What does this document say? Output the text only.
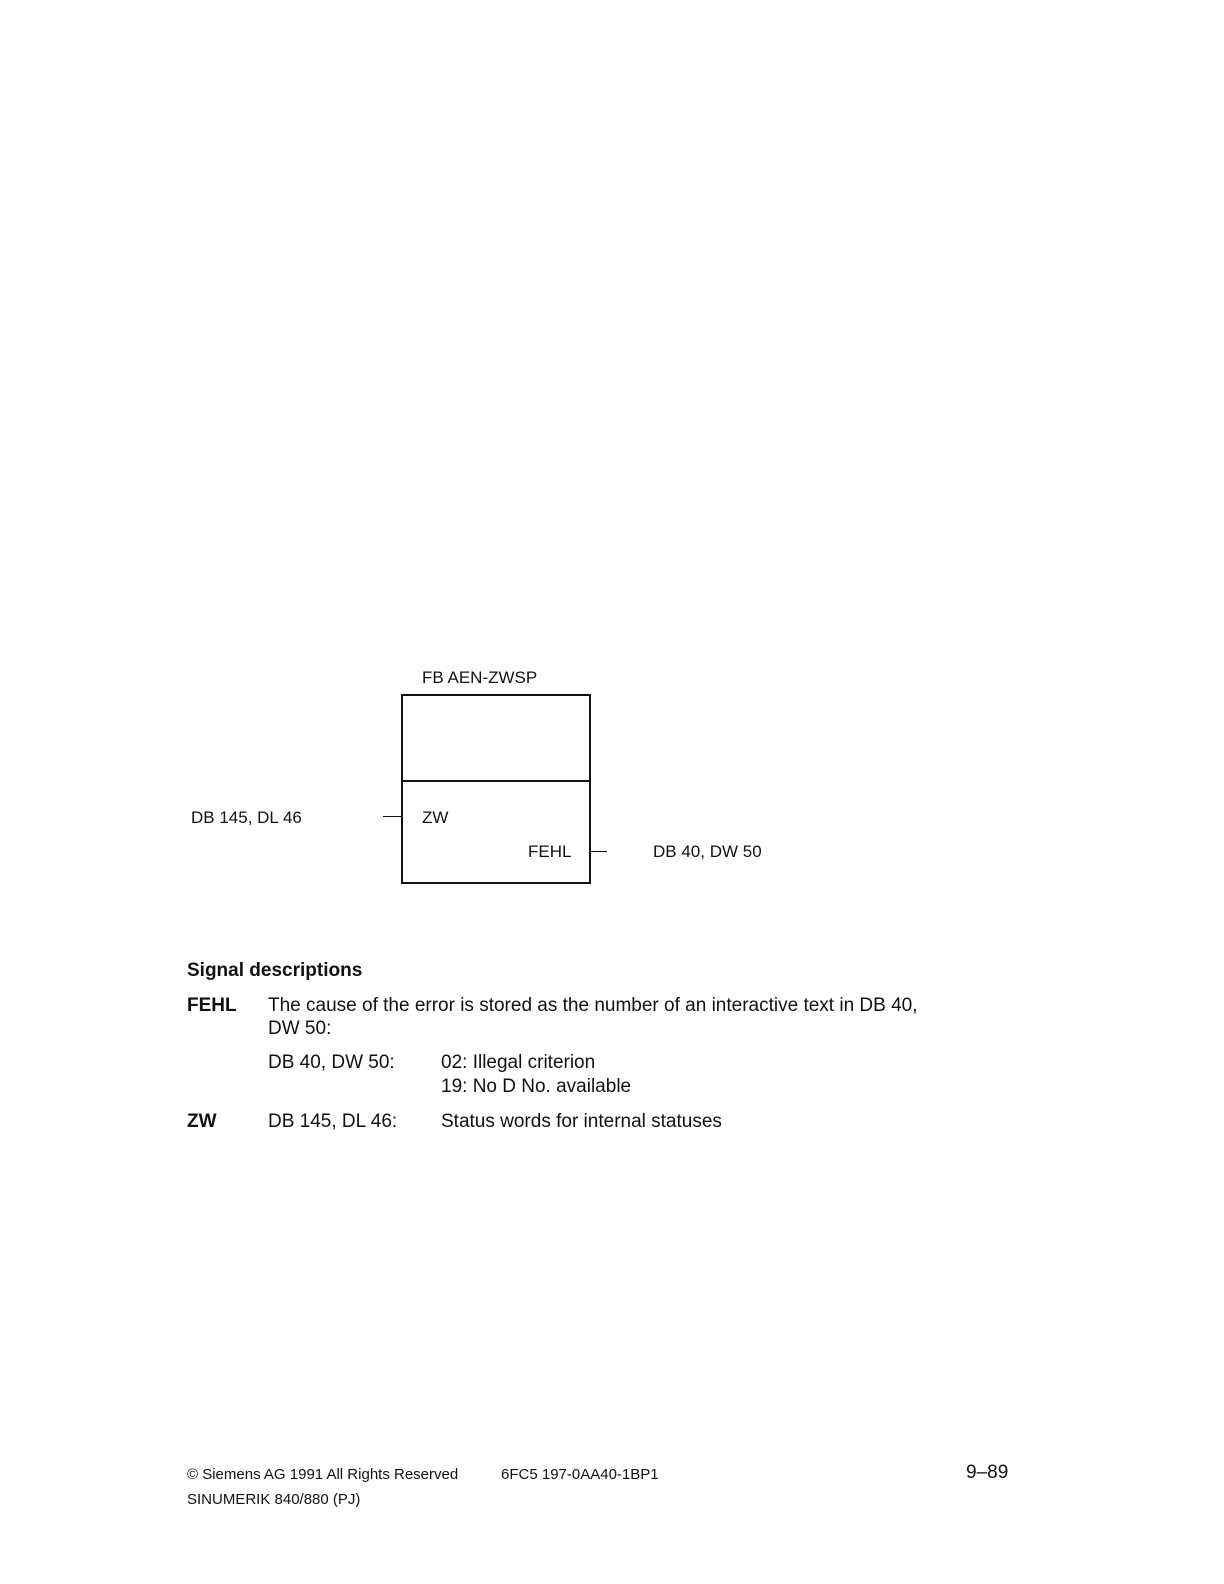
FB AEN-ZWSP
DB 145, DL 46	ZW
FEHL	DB 40, DW 50
Signal descriptions
FEHL The cause of the error is stored as the number of an interactive text in DB 40,
DW 50:
DB 40, DW 50: 02: Illegal criterion
19: No D No. available
ZW	DB 145, DL 46: Status words for internal statuses
© Siemens AG 1991 All Rights Reserved	6FC5 197-0AA40-1BP1	9–89
SINUMERIK 840/880 (PJ)
